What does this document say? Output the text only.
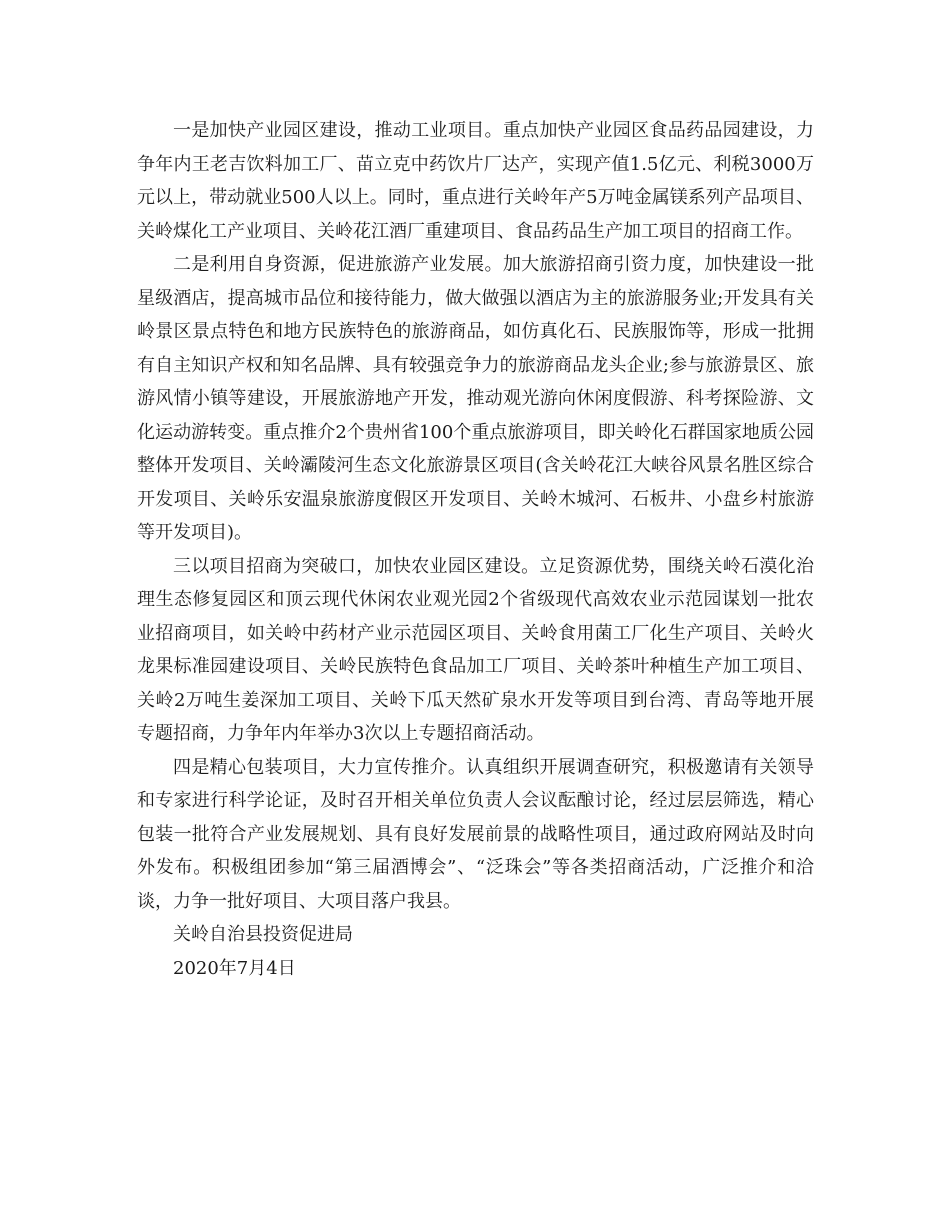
一是加快产业园区建设，推动工业项目。重点加快产业园区食品药品园建设，力争年内王老吉饮料加工厂、苗立克中药饮片厂达产，实现产值1.5亿元、利税3000万元以上，带动就业500人以上。同时，重点进行关岭年产5万吨金属镁系列产品项目、关岭煤化工产业项目、关岭花江酒厂重建项目、食品药品生产加工项目的招商工作。

二是利用自身资源，促进旅游产业发展。加大旅游招商引资力度，加快建设一批星级酒店，提高城市品位和接待能力，做大做强以酒店为主的旅游服务业;开发具有关岭景区景点特色和地方民族特色的旅游商品，如仿真化石、民族服饰等，形成一批拥有自主知识产权和知名品牌、具有较强竞争力的旅游商品龙头企业;参与旅游景区、旅游风情小镇等建设，开展旅游地产开发，推动观光游向休闲度假游、科考探险游、文化运动游转变。重点推介2个贵州省100个重点旅游项目，即关岭化石群国家地质公园整体开发项目、关岭灞陵河生态文化旅游景区项目(含关岭花江大峡谷风景名胜区综合开发项目、关岭乐安温泉旅游度假区开发项目、关岭木城河、石板井、小盘乡村旅游等开发项目)。

三以项目招商为突破口，加快农业园区建设。立足资源优势，围绕关岭石漠化治理生态修复园区和顶云现代休闲农业观光园2个省级现代高效农业示范园谋划一批农业招商项目，如关岭中药材产业示范园区项目、关岭食用菌工厂化生产项目、关岭火龙果标准园建设项目、关岭民族特色食品加工厂项目、关岭茶叶种植生产加工项目、关岭2万吨生姜深加工项目、关岭下瓜天然矿泉水开发等项目到台湾、青岛等地开展专题招商，力争年内年举办3次以上专题招商活动。

四是精心包装项目，大力宣传推介。认真组织开展调查研究，积极邀请有关领导和专家进行科学论证，及时召开相关单位负责人会议酝酿讨论，经过层层筛选，精心包装一批符合产业发展规划、具有良好发展前景的战略性项目，通过政府网站及时向外发布。积极组团参加“第三届酒博会”、“泛珠会”等各类招商活动，广泛推介和洽谈，力争一批好项目、大项目落户我县。

关岭自治县投资促进局

2020年7月4日
